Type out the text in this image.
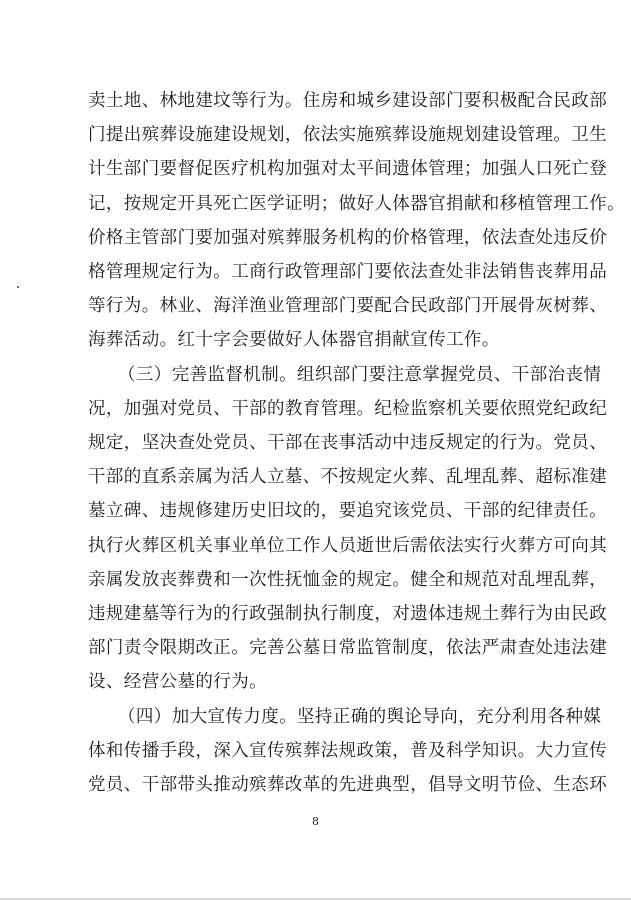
卖土地、林地建坟等行为。住房和城乡建设部门要积极配合民政部
门提出殡葬设施建设规划，依法实施殡葬设施规划建设管理。卫生
计生部门要督促医疗机构加强对太平间遗体管理；加强人口死亡登
记，按规定开具死亡医学证明；做好人体器官捐献和移植管理工作。
价格主管部门要加强对殡葬服务机构的价格管理，依法查处违反价
格管理规定行为。工商行政管理部门要依法查处非法销售丧葬用品
等行为。林业、海洋渔业管理部门要配合民政部门开展骨灰树葬、
海葬活动。红十字会要做好人体器官捐献宣传工作。
（三）完善监督机制。组织部门要注意掌握党员、干部治丧情
况，加强对党员、干部的教育管理。纪检监察机关要依照党纪政纪
规定，坚决查处党员、干部在丧事活动中违反规定的行为。党员、
干部的直系亲属为活人立墓、不按规定火葬、乱埋乱葬、超标准建
墓立碑、违规修建历史旧坟的，要追究该党员、干部的纪律责任。
执行火葬区机关事业单位工作人员逝世后需依法实行火葬方可向其
亲属发放丧葬费和一次性抚恤金的规定。健全和规范对乱埋乱葬，
违规建墓等行为的行政强制执行制度，对遗体违规土葬行为由民政
部门责令限期改正。完善公墓日常监管制度，依法严肃查处违法建
设、经营公墓的行为。
（四）加大宣传力度。坚持正确的舆论导向，充分利用各种媒
体和传播手段，深入宣传殡葬法规政策，普及科学知识。大力宣传
党员、干部带头推动殡葬改革的先进典型，倡导文明节俭、生态环
8
